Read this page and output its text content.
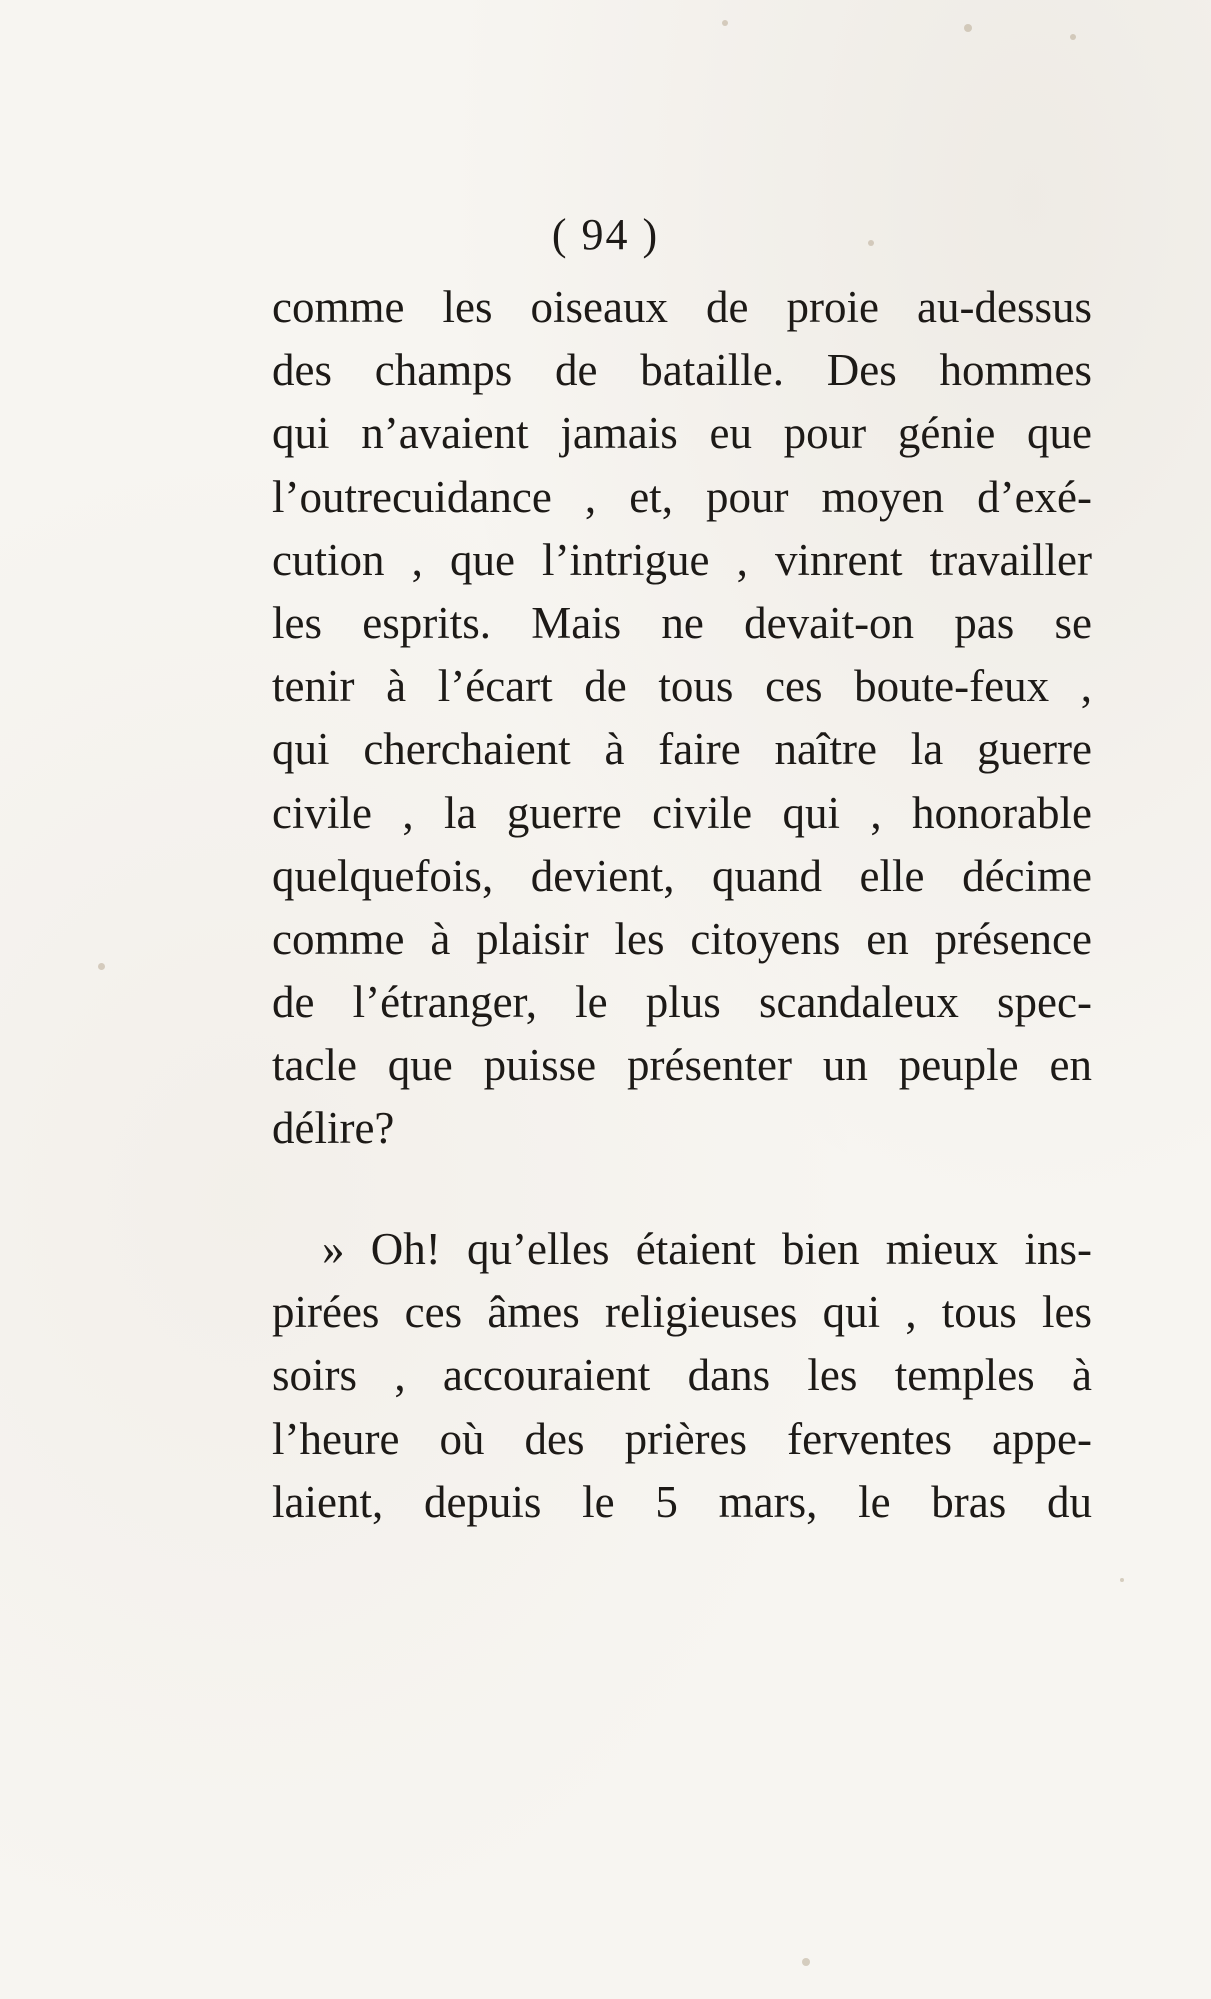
( 94 )
comme les oiseaux de proie au-dessus
des champs de bataille. Des hommes
qui n’avaient jamais eu pour génie que
l’outrecuidance , et, pour moyen d’exé-
cution , que l’intrigue , vinrent travailler
les esprits. Mais ne devait-on pas se
tenir à l’écart de tous ces boute-feux ,
qui cherchaient à faire naître la guerre
civile , la guerre civile qui , honorable
quelquefois, devient, quand elle décime
comme à plaisir les citoyens en présence
de l’étranger, le plus scandaleux spec-
tacle que puisse présenter un peuple en
délire?
» Oh! qu’elles étaient bien mieux ins-
pirées ces âmes religieuses qui , tous les
soirs , accouraient dans les temples à
l’heure où des prières ferventes appe-
laient, depuis le 5 mars, le bras du
